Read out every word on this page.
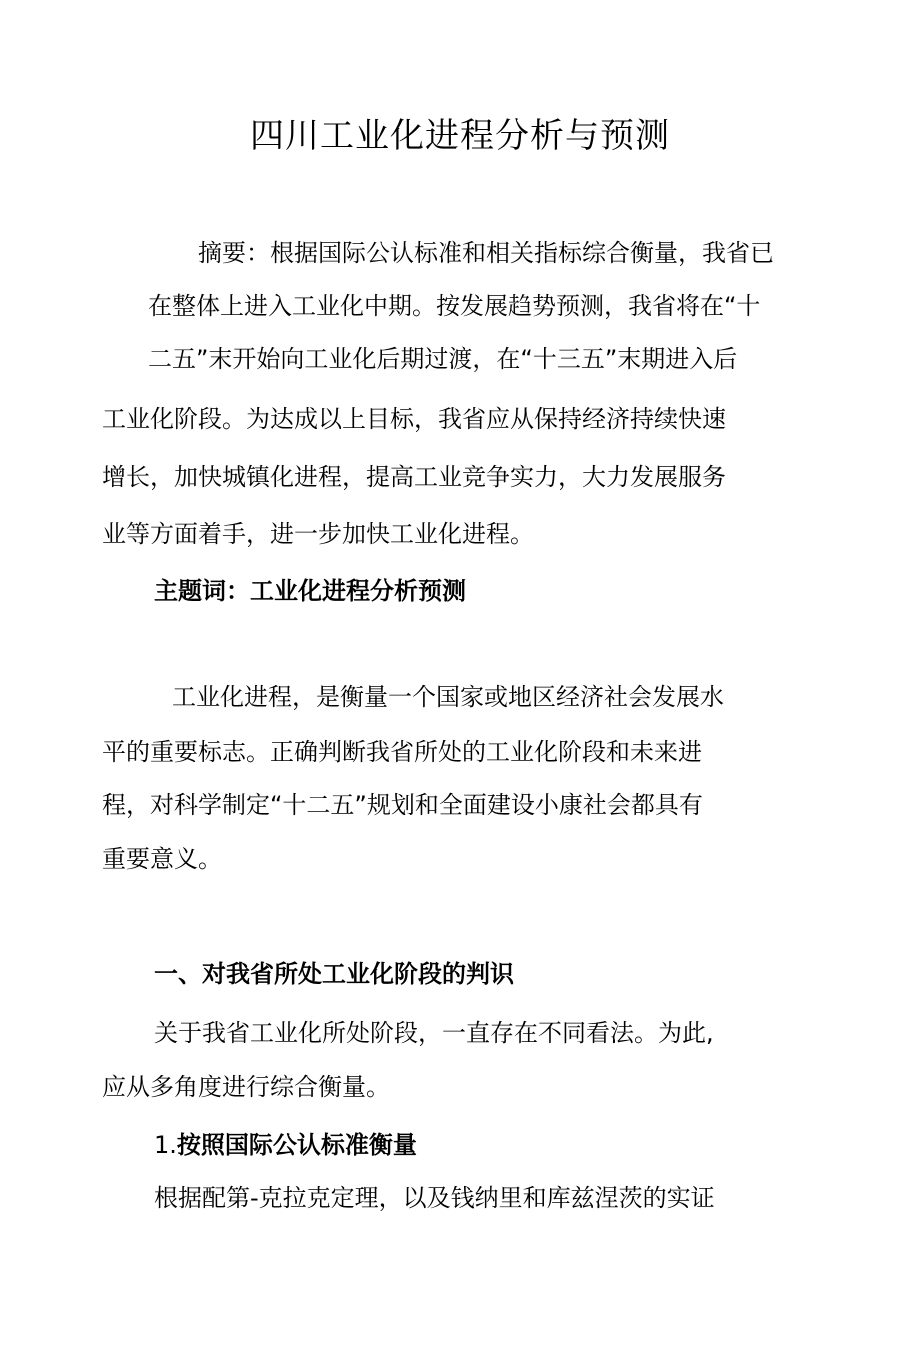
四川工业化进程分析与预测

摘要：根据国际公认标准和相关指标综合衡量，我省已

在整体上进入工业化中期。按发展趋势预测，我省将在“十

二五”末开始向工业化后期过渡，在“十三五”末期进入后

工业化阶段。为达成以上目标，我省应从保持经济持续快速

增长，加快城镇化进程，提高工业竞争实力，大力发展服务

业等方面着手，进一步加快工业化进程。

主题词：工业化进程分析预测

工业化进程，是衡量一个国家或地区经济社会发展水

平的重要标志。正确判断我省所处的工业化阶段和未来进

程，对科学制定“十二五”规划和全面建设小康社会都具有

重要意义。

一、对我省所处工业化阶段的判识

关于我省工业化所处阶段，一直存在不同看法。为此,

应从多角度进行综合衡量。

1.按照国际公认标准衡量

根据配第-克拉克定理，以及钱纳里和库兹涅茨的实证
